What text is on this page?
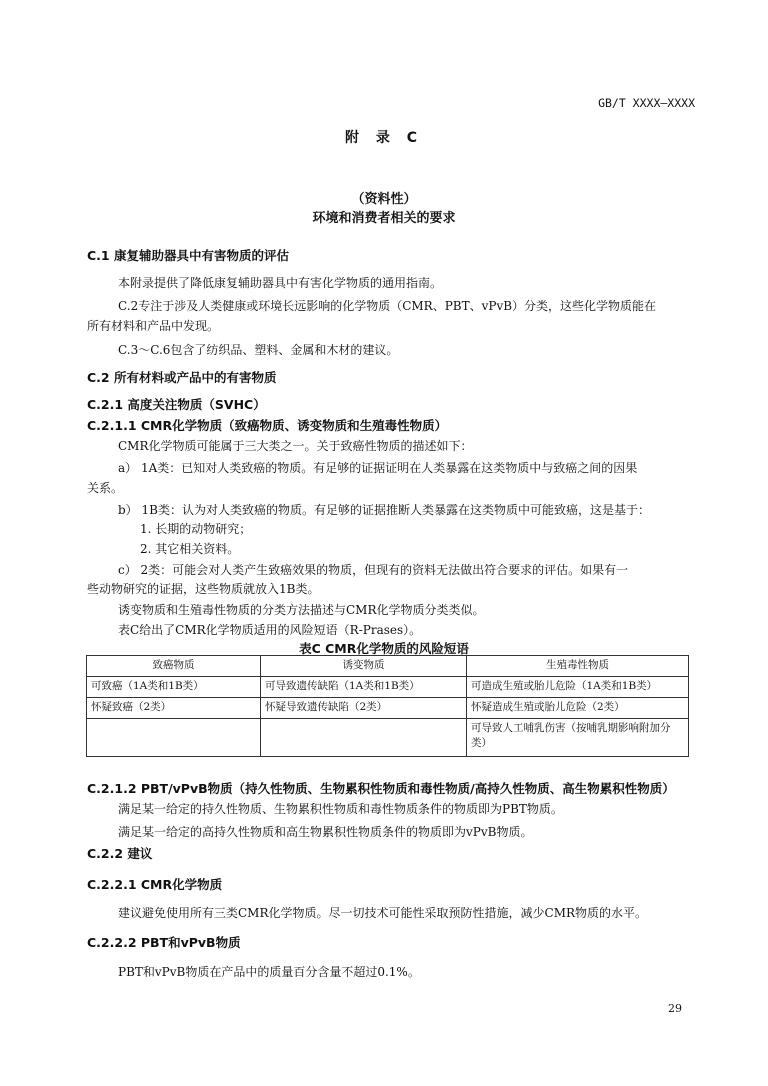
GB/T XXXX—XXXX
附 录 C
（资料性）
环境和消费者相关的要求
C.1 康复辅助器具中有害物质的评估
本附录提供了降低康复辅助器具中有害化学物质的通用指南。
C.2专注于涉及人类健康或环境长远影响的化学物质（CMR、PBT、vPvB）分类，这些化学物质能在
所有材料和产品中发现。
C.3～C.6包含了纺织品、塑料、金属和木材的建议。
C.2 所有材料或产品中的有害物质
C.2.1 高度关注物质（SVHC）
C.2.1.1 CMR化学物质（致癌物质、诱变物质和生殖毒性物质）
CMR化学物质可能属于三大类之一。关于致癌性物质的描述如下：
a） 1A类：已知对人类致癌的物质。有足够的证据证明在人类暴露在这类物质中与致癌之间的因果
关系。
b） 1B类：认为对人类致癌的物质。有足够的证据推断人类暴露在这类物质中可能致癌，这是基于：
1. 长期的动物研究；
2. 其它相关资料。
c） 2类：可能会对人类产生致癌效果的物质，但现有的资料无法做出符合要求的评估。如果有一
些动物研究的证据，这些物质就放入1B类。
诱变物质和生殖毒性物质的分类方法描述与CMR化学物质分类类似。
表C给出了CMR化学物质适用的风险短语（R-Prases）。
表C CMR化学物质的风险短语
致癌物质	诱变物质	生殖毒性物质
可致癌（1A类和1B类）	可导致遗传缺陷（1A类和1B类）	可造成生殖或胎儿危险（1A类和1B类）
怀疑致癌（2类）	怀疑导致遗传缺陷（2类）	怀疑造成生殖或胎儿危险（2类）
		可导致人工哺乳伤害（按哺乳期影响附加分类）
C.2.1.2 PBT/vPvB物质（持久性物质、生物累积性物质和毒性物质/高持久性物质、高生物累积性物质）
满足某一给定的持久性物质、生物累积性物质和毒性物质条件的物质即为PBT物质。
满足某一给定的高持久性物质和高生物累积性物质条件的物质即为vPvB物质。
C.2.2 建议
C.2.2.1 CMR化学物质
建议避免使用所有三类CMR化学物质。尽一切技术可能性采取预防性措施，减少CMR物质的水平。
C.2.2.2 PBT和vPvB物质
PBT和vPvB物质在产品中的质量百分含量不超过0.1%。
29
